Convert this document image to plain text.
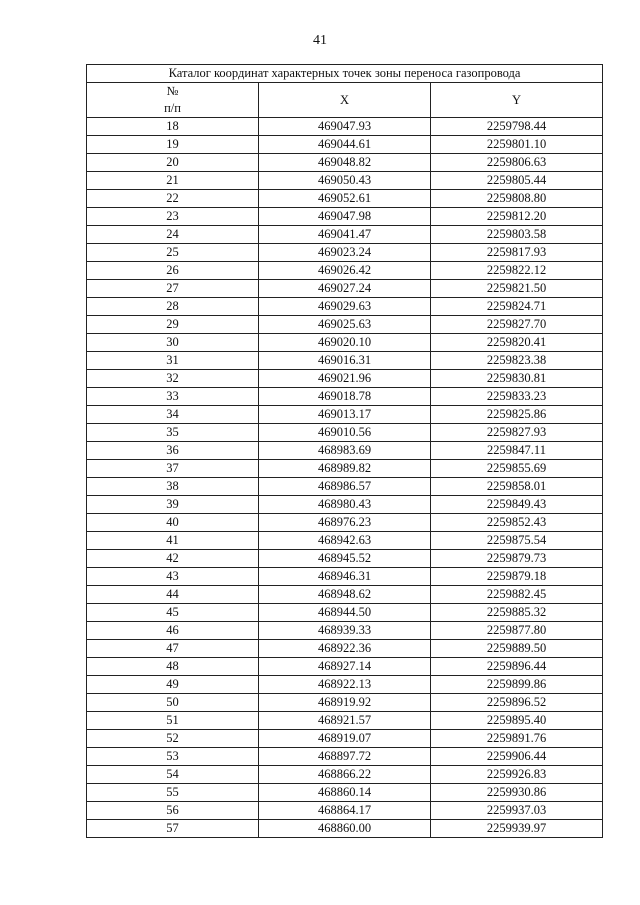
41
Каталог координат характерных точек зоны переноса газопровода		
№
п/п	X	Y
18	469047.93	2259798.44
19	469044.61	2259801.10
20	469048.82	2259806.63
21	469050.43	2259805.44
22	469052.61	2259808.80
23	469047.98	2259812.20
24	469041.47	2259803.58
25	469023.24	2259817.93
26	469026.42	2259822.12
27	469027.24	2259821.50
28	469029.63	2259824.71
29	469025.63	2259827.70
30	469020.10	2259820.41
31	469016.31	2259823.38
32	469021.96	2259830.81
33	469018.78	2259833.23
34	469013.17	2259825.86
35	469010.56	2259827.93
36	468983.69	2259847.11
37	468989.82	2259855.69
38	468986.57	2259858.01
39	468980.43	2259849.43
40	468976.23	2259852.43
41	468942.63	2259875.54
42	468945.52	2259879.73
43	468946.31	2259879.18
44	468948.62	2259882.45
45	468944.50	2259885.32
46	468939.33	2259877.80
47	468922.36	2259889.50
48	468927.14	2259896.44
49	468922.13	2259899.86
50	468919.92	2259896.52
51	468921.57	2259895.40
52	468919.07	2259891.76
53	468897.72	2259906.44
54	468866.22	2259926.83
55	468860.14	2259930.86
56	468864.17	2259937.03
57	468860.00	2259939.97
